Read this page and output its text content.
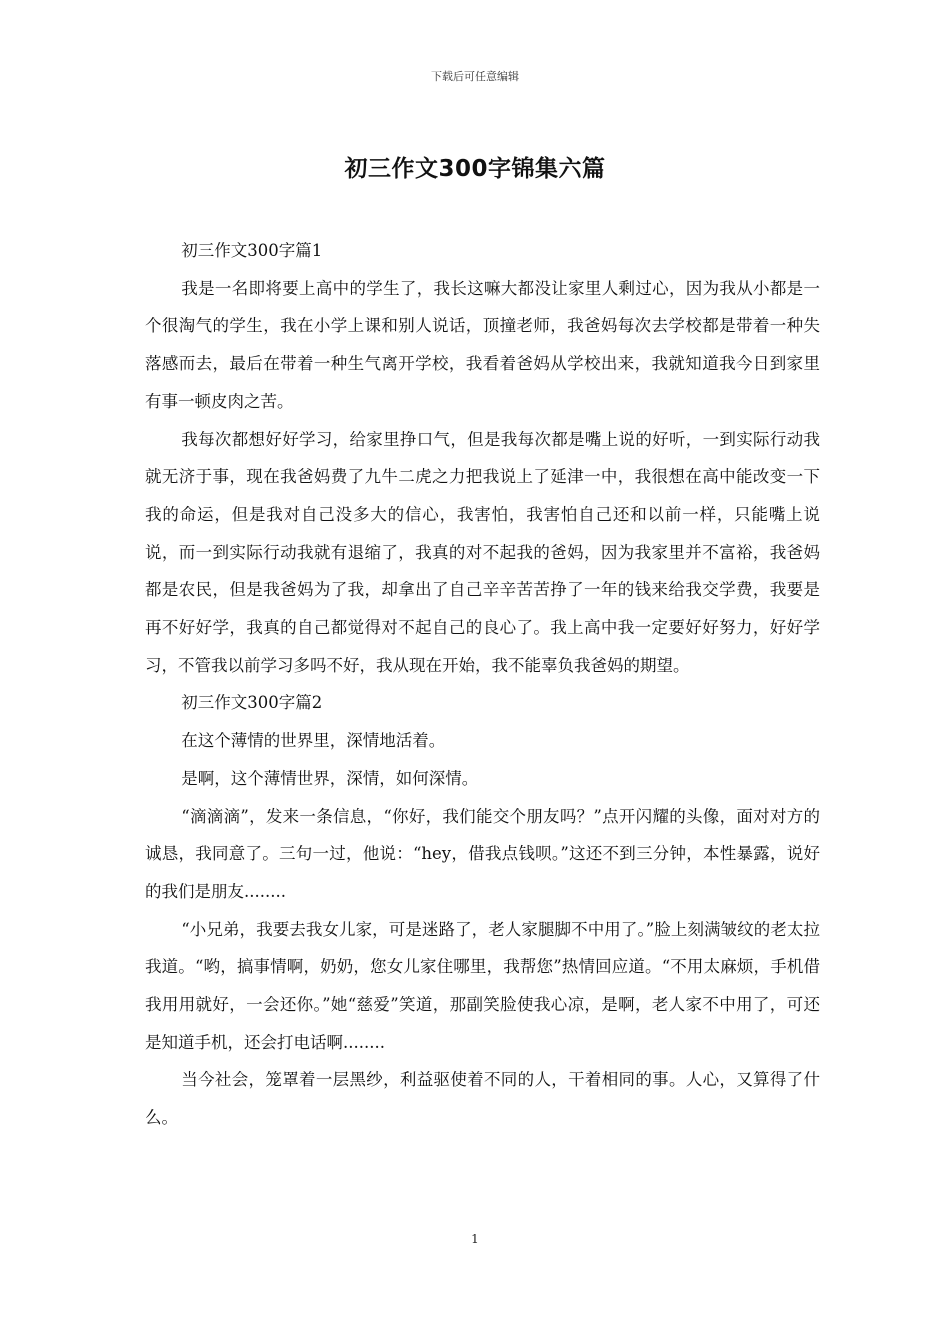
下载后可任意编辑
初三作文300字锦集六篇

初三作文300字篇1

我是一名即将要上高中的学生了，我长这嘛大都没让家里人剩过心，因为我从小都是一个很淘气的学生，我在小学上课和别人说话，顶撞老师，我爸妈每次去学校都是带着一种失落感而去，最后在带着一种生气离开学校，我看着爸妈从学校出来，我就知道我今日到家里有事一顿皮肉之苦。

我每次都想好好学习，给家里挣口气，但是我每次都是嘴上说的好听，一到实际行动我就无济于事，现在我爸妈费了九牛二虎之力把我说上了延津一中，我很想在高中能改变一下我的命运，但是我对自己没多大的信心，我害怕，我害怕自己还和以前一样，只能嘴上说说，而一到实际行动我就有退缩了，我真的对不起我的爸妈，因为我家里并不富裕，我爸妈都是农民，但是我爸妈为了我，却拿出了自己辛辛苦苦挣了一年的钱来给我交学费，我要是再不好好学，我真的自己都觉得对不起自己的良心了。我上高中我一定要好好努力，好好学习，不管我以前学习多吗不好，我从现在开始，我不能辜负我爸妈的期望。

初三作文300字篇2

在这个薄情的世界里，深情地活着。

是啊，这个薄情世界，深情，如何深情。

“滴滴滴”，发来一条信息，“你好，我们能交个朋友吗？”点开闪耀的头像，面对对方的诚恳，我同意了。三句一过，他说：“hey，借我点钱呗。”这还不到三分钟，本性暴露，说好的我们是朋友........

“小兄弟，我要去我女儿家，可是迷路了，老人家腿脚不中用了。”脸上刻满皱纹的老太拉我道。“哟，搞事情啊，奶奶，您女儿家住哪里，我帮您”热情回应道。“不用太麻烦，手机借我用用就好，一会还你。”她“慈爱”笑道，那副笑脸使我心凉，是啊，老人家不中用了，可还是知道手机，还会打电话啊........

当今社会，笼罩着一层黑纱，利益驱使着不同的人，干着相同的事。人心，又算得了什么。

1
